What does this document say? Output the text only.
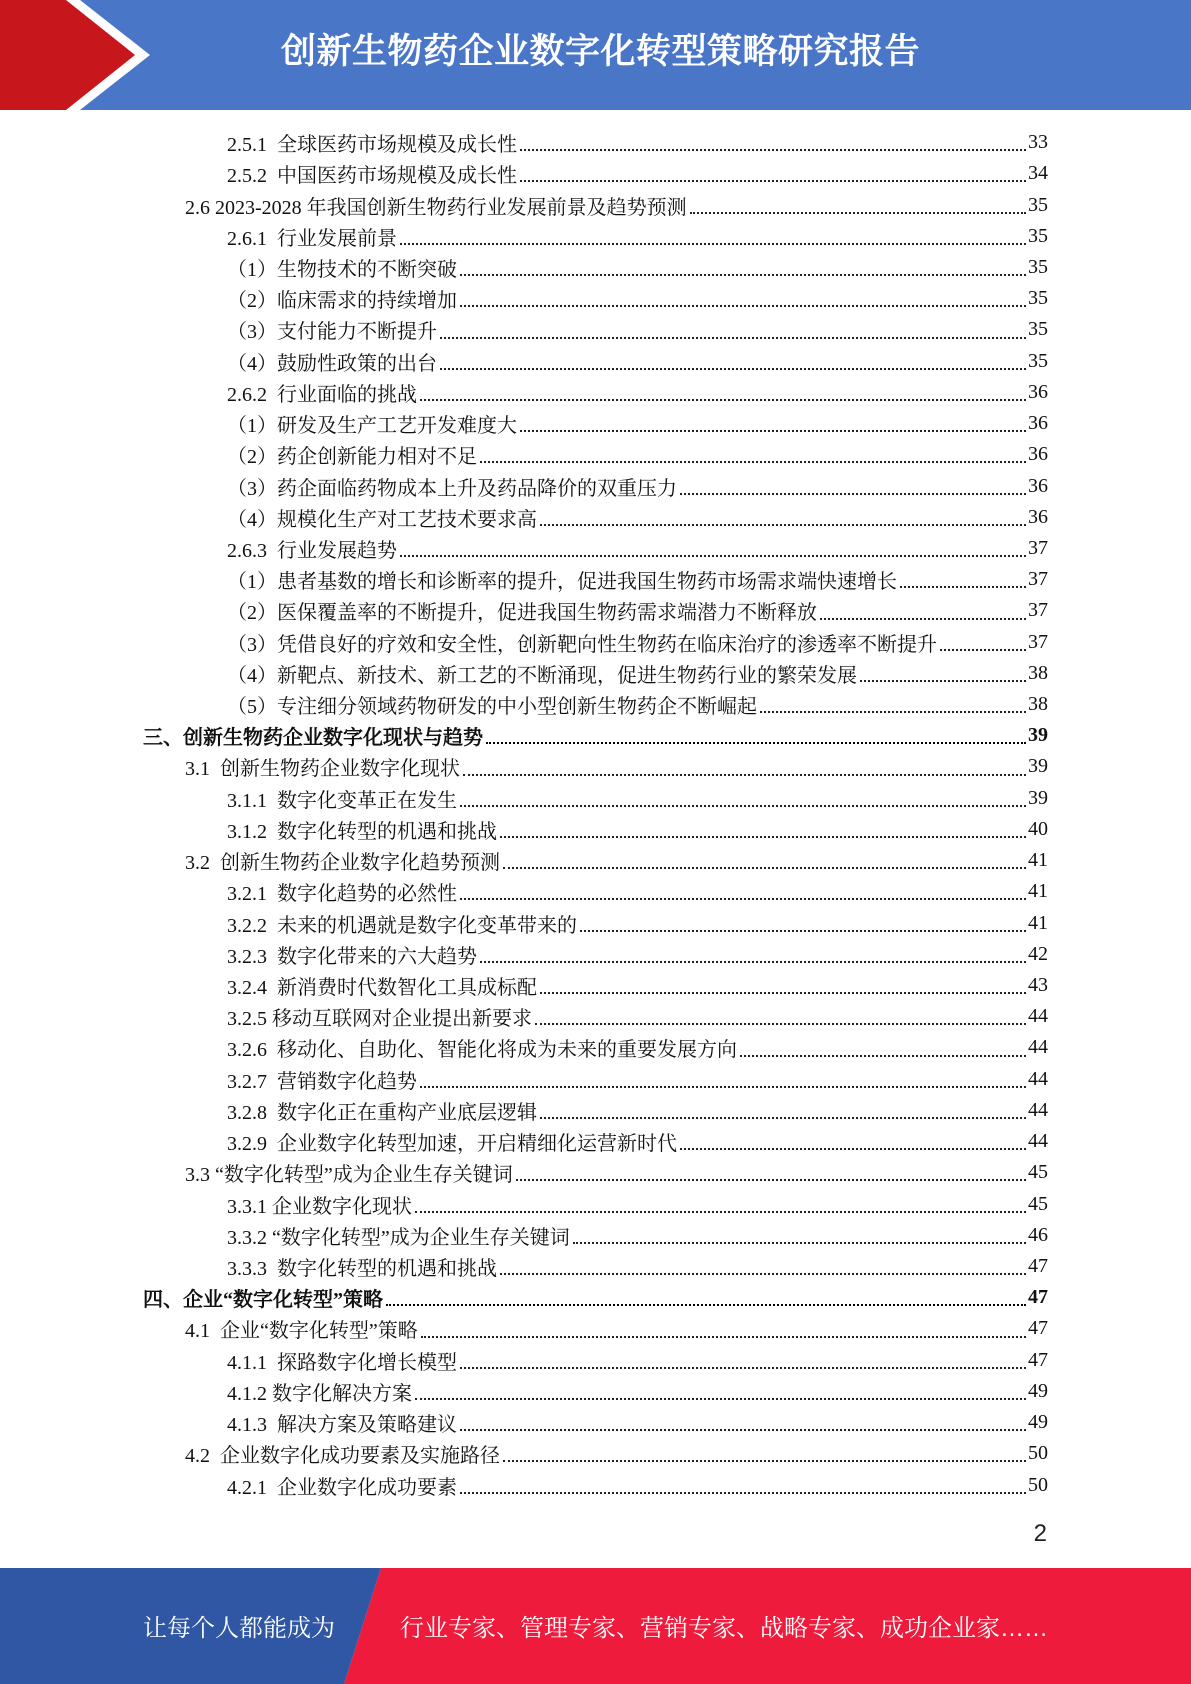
创新生物药企业数字化转型策略研究报告
2.5.1  全球医药市场规模及成长性	33
2.5.2  中国医药市场规模及成长性	34
2.6 2023-2028 年我国创新生物药行业发展前景及趋势预测	35
2.6.1  行业发展前景	35
（1）生物技术的不断突破	35
（2）临床需求的持续增加	35
（3）支付能力不断提升	35
（4）鼓励性政策的出台	35
2.6.2  行业面临的挑战	36
（1）研发及生产工艺开发难度大	36
（2）药企创新能力相对不足	36
（3）药企面临药物成本上升及药品降价的双重压力	36
（4）规模化生产对工艺技术要求高	36
2.6.3  行业发展趋势	37
（1）患者基数的增长和诊断率的提升，促进我国生物药市场需求端快速增长	37
（2）医保覆盖率的不断提升，促进我国生物药需求端潜力不断释放	37
（3）凭借良好的疗效和安全性，创新靶向性生物药在临床治疗的渗透率不断提升	37
（4）新靶点、新技术、新工艺的不断涌现，促进生物药行业的繁荣发展	38
（5）专注细分领域药物研发的中小型创新生物药企不断崛起	38
三、创新生物药企业数字化现状与趋势	39
3.1  创新生物药企业数字化现状	39
3.1.1  数字化变革正在发生	39
3.1.2  数字化转型的机遇和挑战	40
3.2  创新生物药企业数字化趋势预测	41
3.2.1  数字化趋势的必然性	41
3.2.2  未来的机遇就是数字化变革带来的	41
3.2.3  数字化带来的六大趋势	42
3.2.4  新消费时代数智化工具成标配	43
3.2.5 移动互联网对企业提出新要求	44
3.2.6  移动化、自助化、智能化将成为未来的重要发展方向	44
3.2.7  营销数字化趋势	44
3.2.8  数字化正在重构产业底层逻辑	44
3.2.9  企业数字化转型加速，开启精细化运营新时代	44
3.3 “数字化转型”成为企业生存关键词	45
3.3.1 企业数字化现状	45
3.3.2 “数字化转型”成为企业生存关键词	46
3.3.3  数字化转型的机遇和挑战	47
四、企业“数字化转型”策略	47
4.1  企业“数字化转型”策略	47
4.1.1  探路数字化增长模型	47
4.1.2 数字化解决方案	49
4.1.3  解决方案及策略建议	49
4.2  企业数字化成功要素及实施路径	50
4.2.1  企业数字化成功要素	50
2
让每个人都能成为	行业专家、管理专家、营销专家、战略专家、成功企业家……
